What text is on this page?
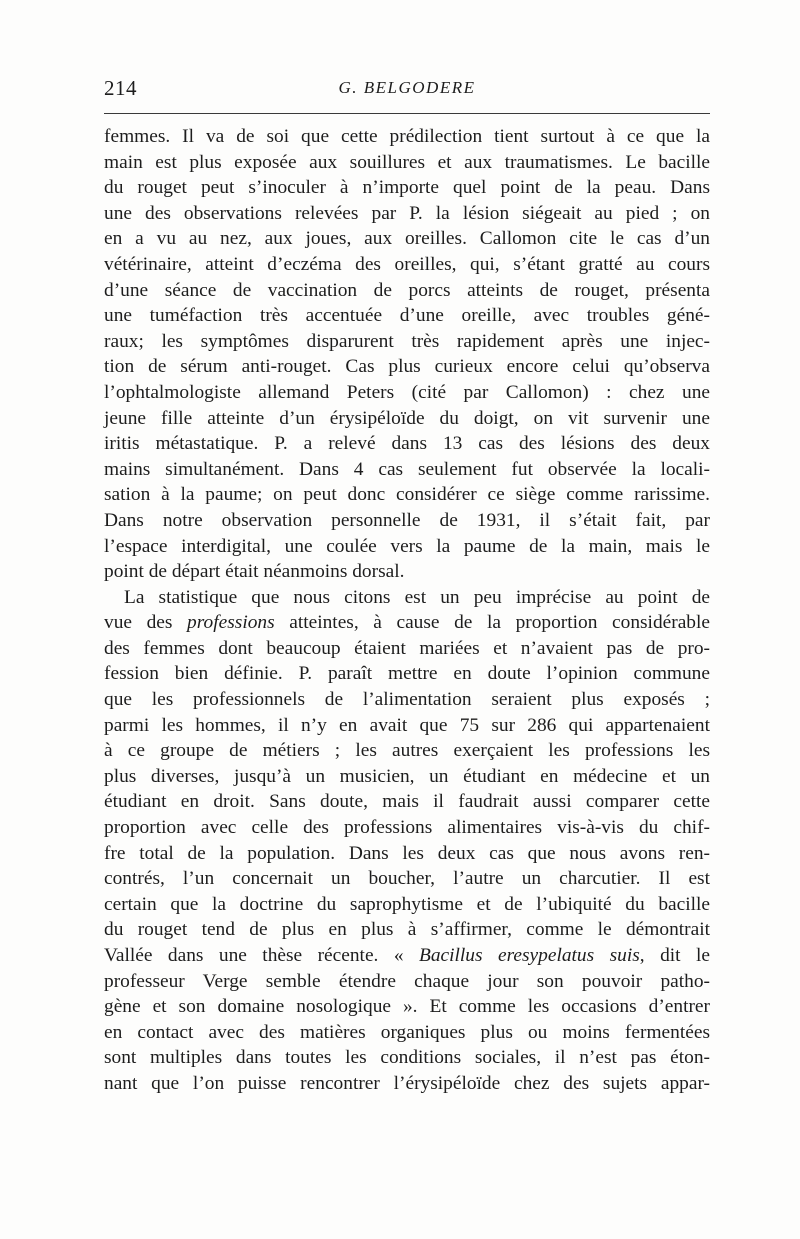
214	G. BELGODERE
femmes. Il va de soi que cette prédilection tient surtout à ce que la
main est plus exposée aux souillures et aux traumatismes. Le bacille
du rouget peut s’inoculer à n’importe quel point de la peau. Dans
une des observations relevées par P. la lésion siégeait au pied ; on
en a vu au nez, aux joues, aux oreilles. Callomon cite le cas d’un
vétérinaire, atteint d’eczéma des oreilles, qui, s’étant gratté au cours
d’une séance de vaccination de porcs atteints de rouget, présenta
une tuméfaction très accentuée d’une oreille, avec troubles géné-
raux; les symptômes disparurent très rapidement après une injec-
tion de sérum anti-rouget. Cas plus curieux encore celui qu’observa
l’ophtalmologiste allemand Peters (cité par Callomon) : chez une
jeune fille atteinte d’un érysipéloïde du doigt, on vit survenir une
iritis métastatique. P. a relevé dans 13 cas des lésions des deux
mains simultanément. Dans 4 cas seulement fut observée la locali-
sation à la paume; on peut donc considérer ce siège comme rarissime.
Dans notre observation personnelle de 1931, il s’était fait, par
l’espace interdigital, une coulée vers la paume de la main, mais le
point de départ était néanmoins dorsal.
La statistique que nous citons est un peu imprécise au point de
vue des professions atteintes, à cause de la proportion considérable
des femmes dont beaucoup étaient mariées et n’avaient pas de pro-
fession bien définie. P. paraît mettre en doute l’opinion commune
que les professionnels de l’alimentation seraient plus exposés ;
parmi les hommes, il n’y en avait que 75 sur 286 qui appartenaient
à ce groupe de métiers ; les autres exerçaient les professions les
plus diverses, jusqu’à un musicien, un étudiant en médecine et un
étudiant en droit. Sans doute, mais il faudrait aussi comparer cette
proportion avec celle des professions alimentaires vis-à-vis du chif-
fre total de la population. Dans les deux cas que nous avons ren-
contrés, l’un concernait un boucher, l’autre un charcutier. Il est
certain que la doctrine du saprophytisme et de l’ubiquité du bacille
du rouget tend de plus en plus à s’affirmer, comme le démontrait
Vallée dans une thèse récente. « Bacillus eresypelatus suis, dit le
professeur Verge semble étendre chaque jour son pouvoir patho-
gène et son domaine nosologique ». Et comme les occasions d’entrer
en contact avec des matières organiques plus ou moins fermentées
sont multiples dans toutes les conditions sociales, il n’est pas éton-
nant que l’on puisse rencontrer l’érysipéloïde chez des sujets appar-
